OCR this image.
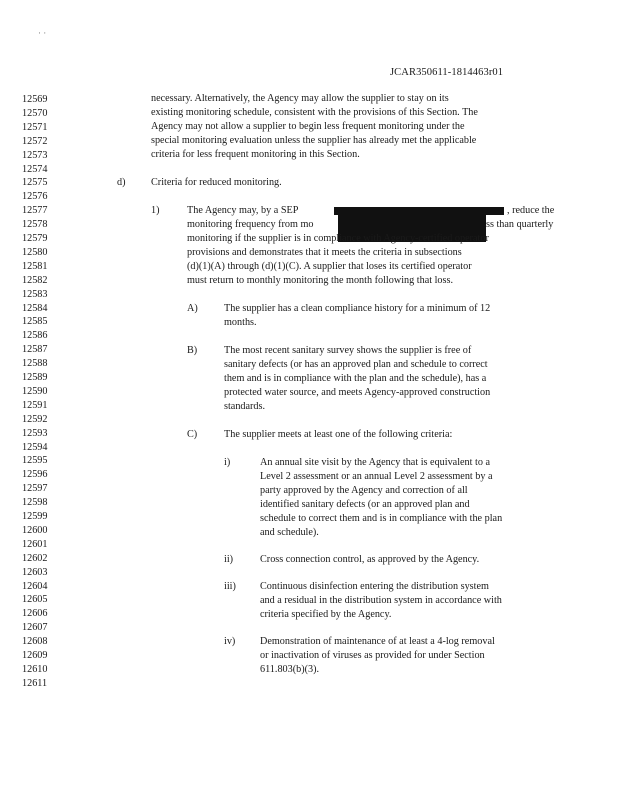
· ·
JCAR350611-1814463r01
12569
12570
12571
12572
12573
12574
12575
12576
12577
12578
12579
12580
12581
12582
12583
12584
12585
12586
12587
12588
12589
12590
12591
12592
12593
12594
12595
12596
12597
12598
12599
12600
12601
12602
12603
12604
12605
12606
12607
12608
12609
12610
12611
necessary. Alternatively, the Agency may allow the supplier to stay on its
existing monitoring schedule, consistent with the provisions of this Section. The
Agency may not allow a supplier to begin less frequent monitoring under the
special monitoring evaluation unless the supplier has already met the applicable
criteria for less frequent monitoring in this Section.
d)	Criteria for reduced monitoring.
1)	The Agency may, by a SEP	, reduce the
monitoring frequency from mo	ss than quarterly
monitoring if the supplier is in compliance with Agency-certified operator
provisions and demonstrates that it meets the criteria in subsections
(d)(1)(A) through (d)(1)(C). A supplier that loses its certified operator
must return to monthly monitoring the month following that loss.
A)	The supplier has a clean compliance history for a minimum of 12
months.
B)	The most recent sanitary survey shows the supplier is free of
sanitary defects (or has an approved plan and schedule to correct
them and is in compliance with the plan and the schedule), has a
protected water source, and meets Agency-approved construction
standards.
C)	The supplier meets at least one of the following criteria:
i)	An annual site visit by the Agency that is equivalent to a
Level 2 assessment or an annual Level 2 assessment by a
party approved by the Agency and correction of all
identified sanitary defects (or an approved plan and
schedule to correct them and is in compliance with the plan
and schedule).
ii)	Cross connection control, as approved by the Agency.
iii) Continuous disinfection entering the distribution system
and a residual in the distribution system in accordance with
criteria specified by the Agency.
iv) Demonstration of maintenance of at least a 4-log removal
or inactivation of viruses as provided for under Section
611.803(b)(3).
